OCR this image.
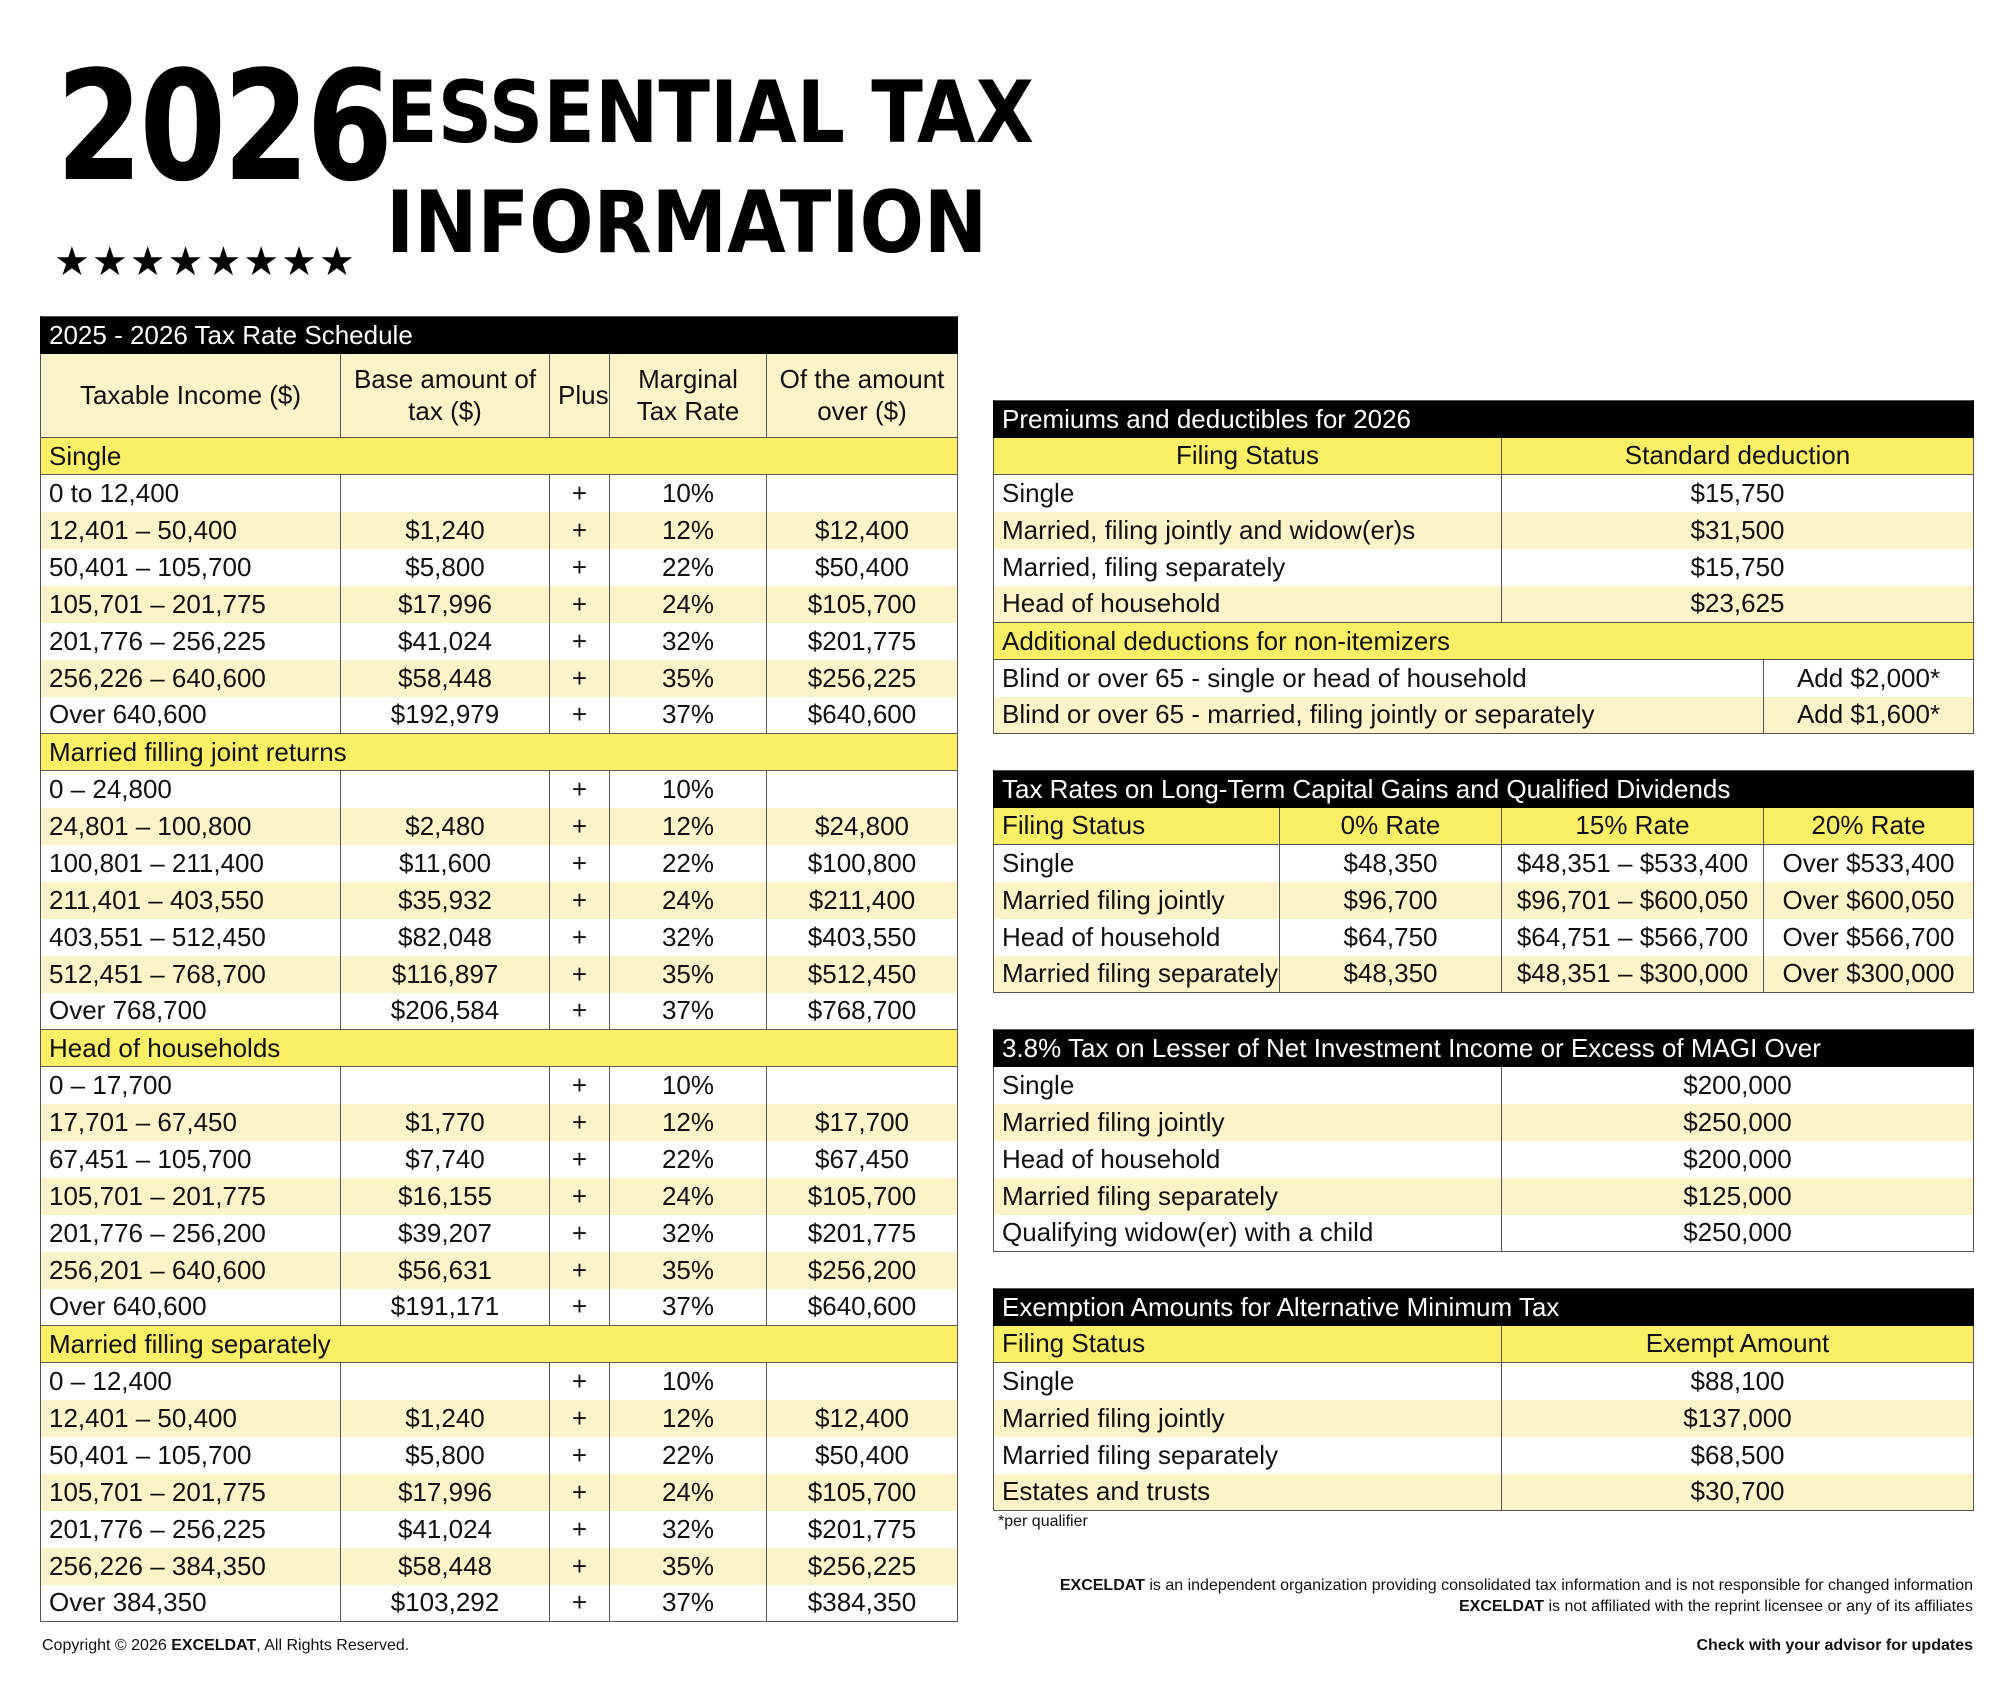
2026
★★★★★★★★
ESSENTIAL TAX
INFORMATION
2025 - 2026 Tax Rate Schedule				
Taxable Income ($)	Base amount of tax ($)	Plus	Marginal Tax Rate	Of the amount over ($)
Single				
0 to 12,400		+	10%	
12,401 – 50,400	$1,240	+	12%	$12,400
50,401 – 105,700	$5,800	+	22%	$50,400
105,701 – 201,775	$17,996	+	24%	$105,700
201,776 – 256,225	$41,024	+	32%	$201,775
256,226 – 640,600	$58,448	+	35%	$256,225
Over 640,600	$192,979	+	37%	$640,600
Married filling joint returns				
0 – 24,800		+	10%	
24,801 – 100,800	$2,480	+	12%	$24,800
100,801 – 211,400	$11,600	+	22%	$100,800
211,401 – 403,550	$35,932	+	24%	$211,400
403,551 – 512,450	$82,048	+	32%	$403,550
512,451 – 768,700	$116,897	+	35%	$512,450
Over 768,700	$206,584	+	37%	$768,700
Head of households				
0 – 17,700		+	10%	
17,701 – 67,450	$1,770	+	12%	$17,700
67,451 – 105,700	$7,740	+	22%	$67,450
105,701 – 201,775	$16,155	+	24%	$105,700
201,776 – 256,200	$39,207	+	32%	$201,775
256,201 – 640,600	$56,631	+	35%	$256,200
Over 640,600	$191,171	+	37%	$640,600
Married filling separately				
0 – 12,400		+	10%	
12,401 – 50,400	$1,240	+	12%	$12,400
50,401 – 105,700	$5,800	+	22%	$50,400
105,701 – 201,775	$17,996	+	24%	$105,700
201,776 – 256,225	$41,024	+	32%	$201,775
256,226 – 384,350	$58,448	+	35%	$256,225
Over 384,350	$103,292	+	37%	$384,350
Premiums and deductibles for 2026		
Filing Status	Standard deduction	
Single	$15,750	
Married, filing jointly and widow(er)s	$31,500	
Married, filing separately	$15,750	
Head of household	$23,625	
Additional deductions for non-itemizers		
Blind or over 65 - single or head of household		Add $2,000*
Blind or over 65 - married, filing jointly or separately		Add $1,600*
Tax Rates on Long-Term Capital Gains and Qualified Dividends			
Filing Status	0% Rate	15% Rate	20% Rate
Single	$48,350	$48,351 – $533,400	Over $533,400
Married filing jointly	$96,700	$96,701 – $600,050	Over $600,050
Head of household	$64,750	$64,751 – $566,700	Over $566,700
Married filing separately	$48,350	$48,351 – $300,000	Over $300,000
3.8% Tax on Lesser of Net Investment Income or Excess of MAGI Over	
Single	$200,000
Married filing jointly	$250,000
Head of household	$200,000
Married filing separately	$125,000
Qualifying widow(er) with a child	$250,000
Exemption Amounts for Alternative Minimum Tax	
Filing Status	Exempt Amount
Single	$88,100
Married filing jointly	$137,000
Married filing separately	$68,500
Estates and trusts	$30,700
*per qualifier
EXCELDAT is an independent organization providing consolidated tax information and is not responsible for changed information
EXCELDAT is not affiliated with the reprint licensee or any of its affiliates
Copyright © 2026 EXCELDAT, All Rights Reserved.	Check with your advisor for updates
